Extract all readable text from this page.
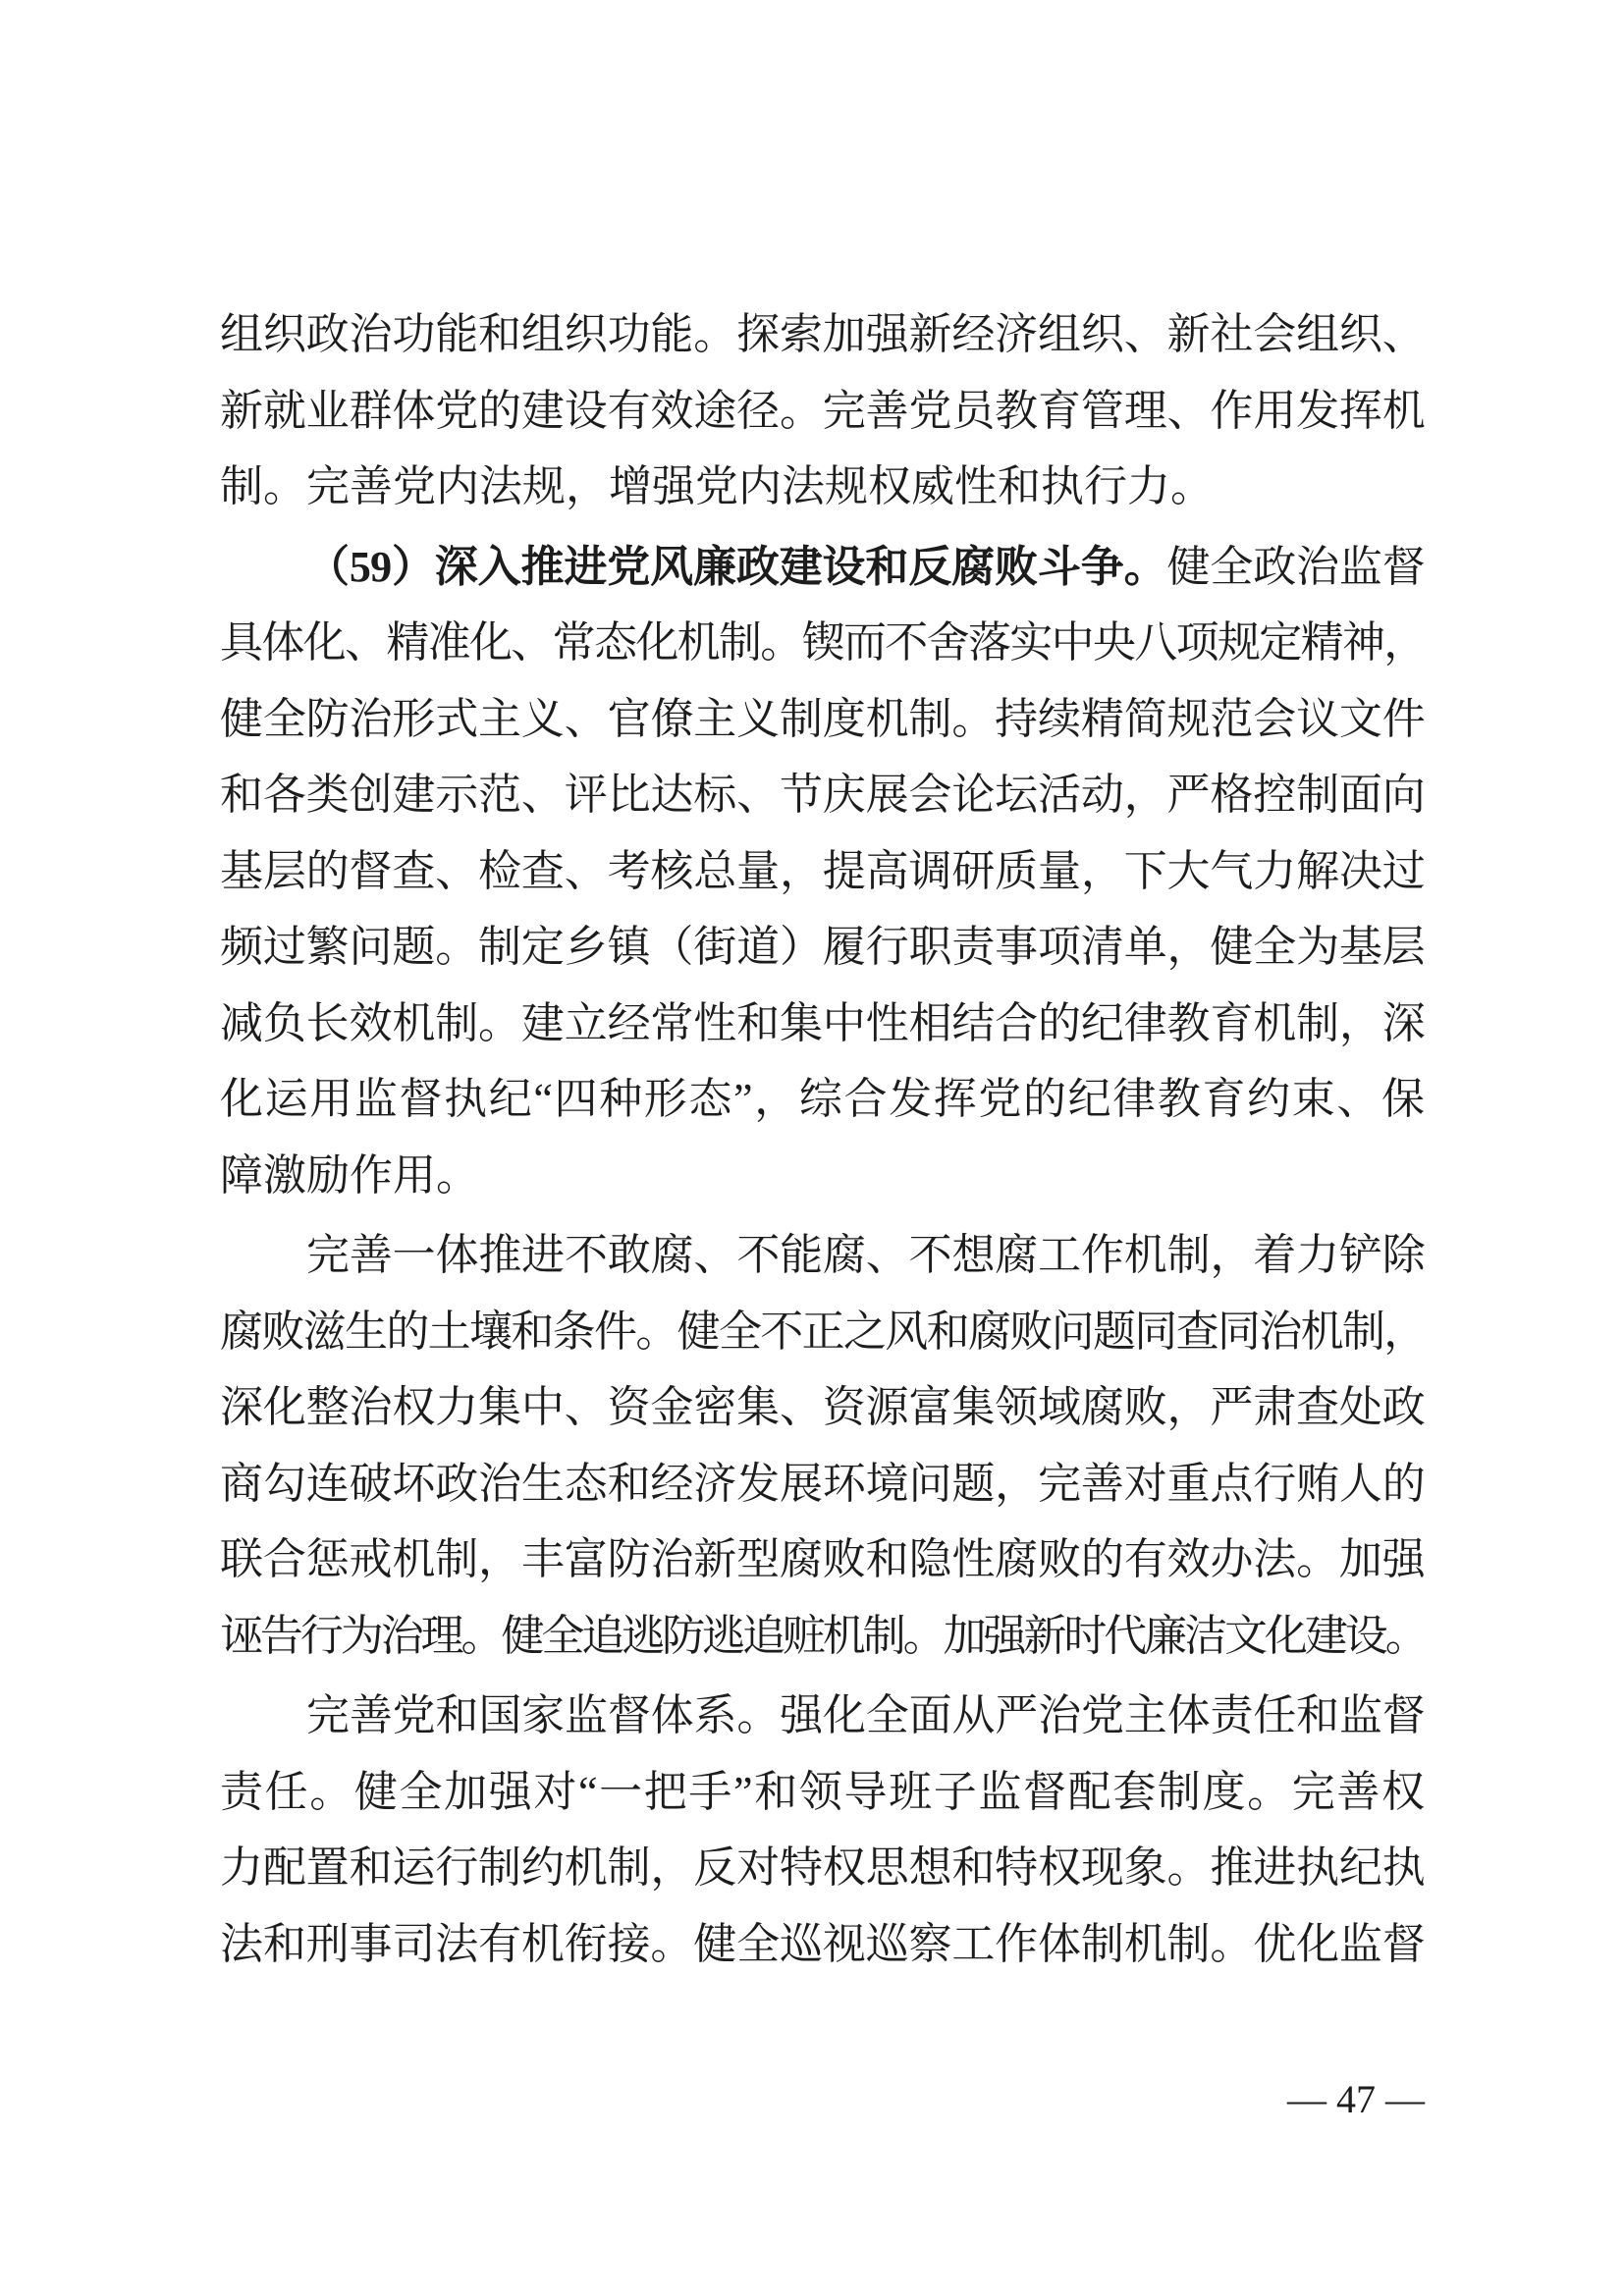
组织政治功能和组织功能。探索加强新经济组织、新社会组织、
新就业群体党的建设有效途径。完善党员教育管理、作用发挥机
制。完善党内法规，增强党内法规权威性和执行力。
（59）深入推进党风廉政建设和反腐败斗争。健全政治监督
具体化、精准化、常态化机制。锲而不舍落实中央八项规定精神，
健全防治形式主义、官僚主义制度机制。持续精简规范会议文件
和各类创建示范、评比达标、节庆展会论坛活动，严格控制面向
基层的督查、检查、考核总量，提高调研质量，下大气力解决过
频过繁问题。制定乡镇（街道）履行职责事项清单，健全为基层
减负长效机制。建立经常性和集中性相结合的纪律教育机制，深
化运用监督执纪“四种形态”，综合发挥党的纪律教育约束、保
障激励作用。
完善一体推进不敢腐、不能腐、不想腐工作机制，着力铲除
腐败滋生的土壤和条件。健全不正之风和腐败问题同查同治机制，
深化整治权力集中、资金密集、资源富集领域腐败，严肃查处政
商勾连破坏政治生态和经济发展环境问题，完善对重点行贿人的
联合惩戒机制，丰富防治新型腐败和隐性腐败的有效办法。加强
诬告行为治理。健全追逃防逃追赃机制。加强新时代廉洁文化建设。
完善党和国家监督体系。强化全面从严治党主体责任和监督
责任。健全加强对“一把手”和领导班子监督配套制度。完善权
力配置和运行制约机制，反对特权思想和特权现象。推进执纪执
法和刑事司法有机衔接。健全巡视巡察工作体制机制。优化监督
— 47 —
